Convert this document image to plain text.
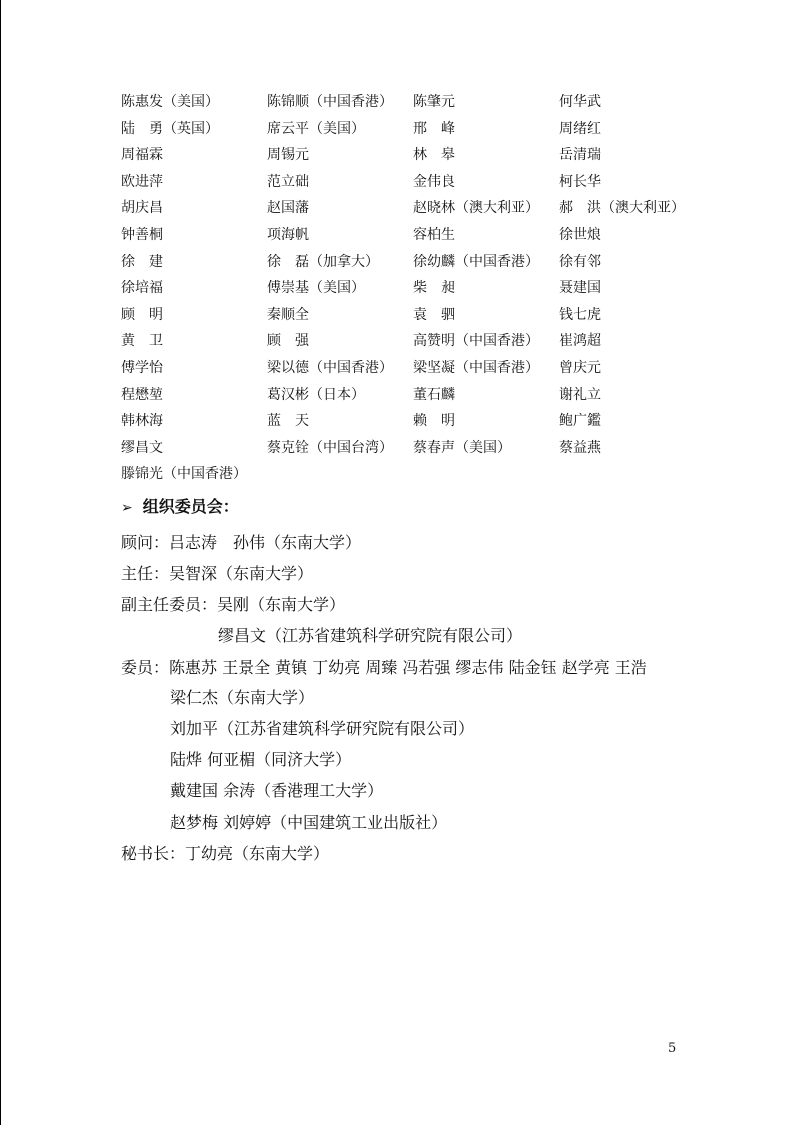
陈惠发（美国）	陈锦顺（中国香港）	陈肇元	何华武
陆　勇（英国）	席云平（美国）	邢　峰	周绪红
周福霖	周锡元	林　皋	岳清瑞
欧进萍	范立础	金伟良	柯长华
胡庆昌	赵国藩	赵晓林（澳大利亚）	郝　洪（澳大利亚）
钟善桐	项海帆	容柏生	徐世烺
徐　建	徐　磊（加拿大）	徐幼麟（中国香港）	徐有邻
徐培福	傅崇基（美国）	柴　昶	聂建国
顾　明	秦顺全	袁　驷	钱七虎
黄　卫	顾　强	高赞明（中国香港）	崔鸿超
傅学怡	梁以德（中国香港）	梁坚凝（中国香港）	曾庆元
程懋堃	葛汉彬（日本）	董石麟	谢礼立
韩林海	蓝　天	赖　明	鲍广鑑
缪昌文	蔡克铨（中国台湾）	蔡春声（美国）	蔡益燕
滕锦光（中国香港）
➢ 组织委员会：
顾问：吕志涛　孙伟（东南大学）
主任：吴智深（东南大学）
副主任委员：吴刚（东南大学）
缪昌文（江苏省建筑科学研究院有限公司）
委员：陈惠苏 王景全 黄镇 丁幼亮 周臻 冯若强 缪志伟 陆金钰 赵学亮 王浩
梁仁杰（东南大学）
刘加平（江苏省建筑科学研究院有限公司）
陆烨 何亚楣（同济大学）
戴建国 余涛（香港理工大学）
赵梦梅 刘婷婷（中国建筑工业出版社）
秘书长：丁幼亮（东南大学）
5
